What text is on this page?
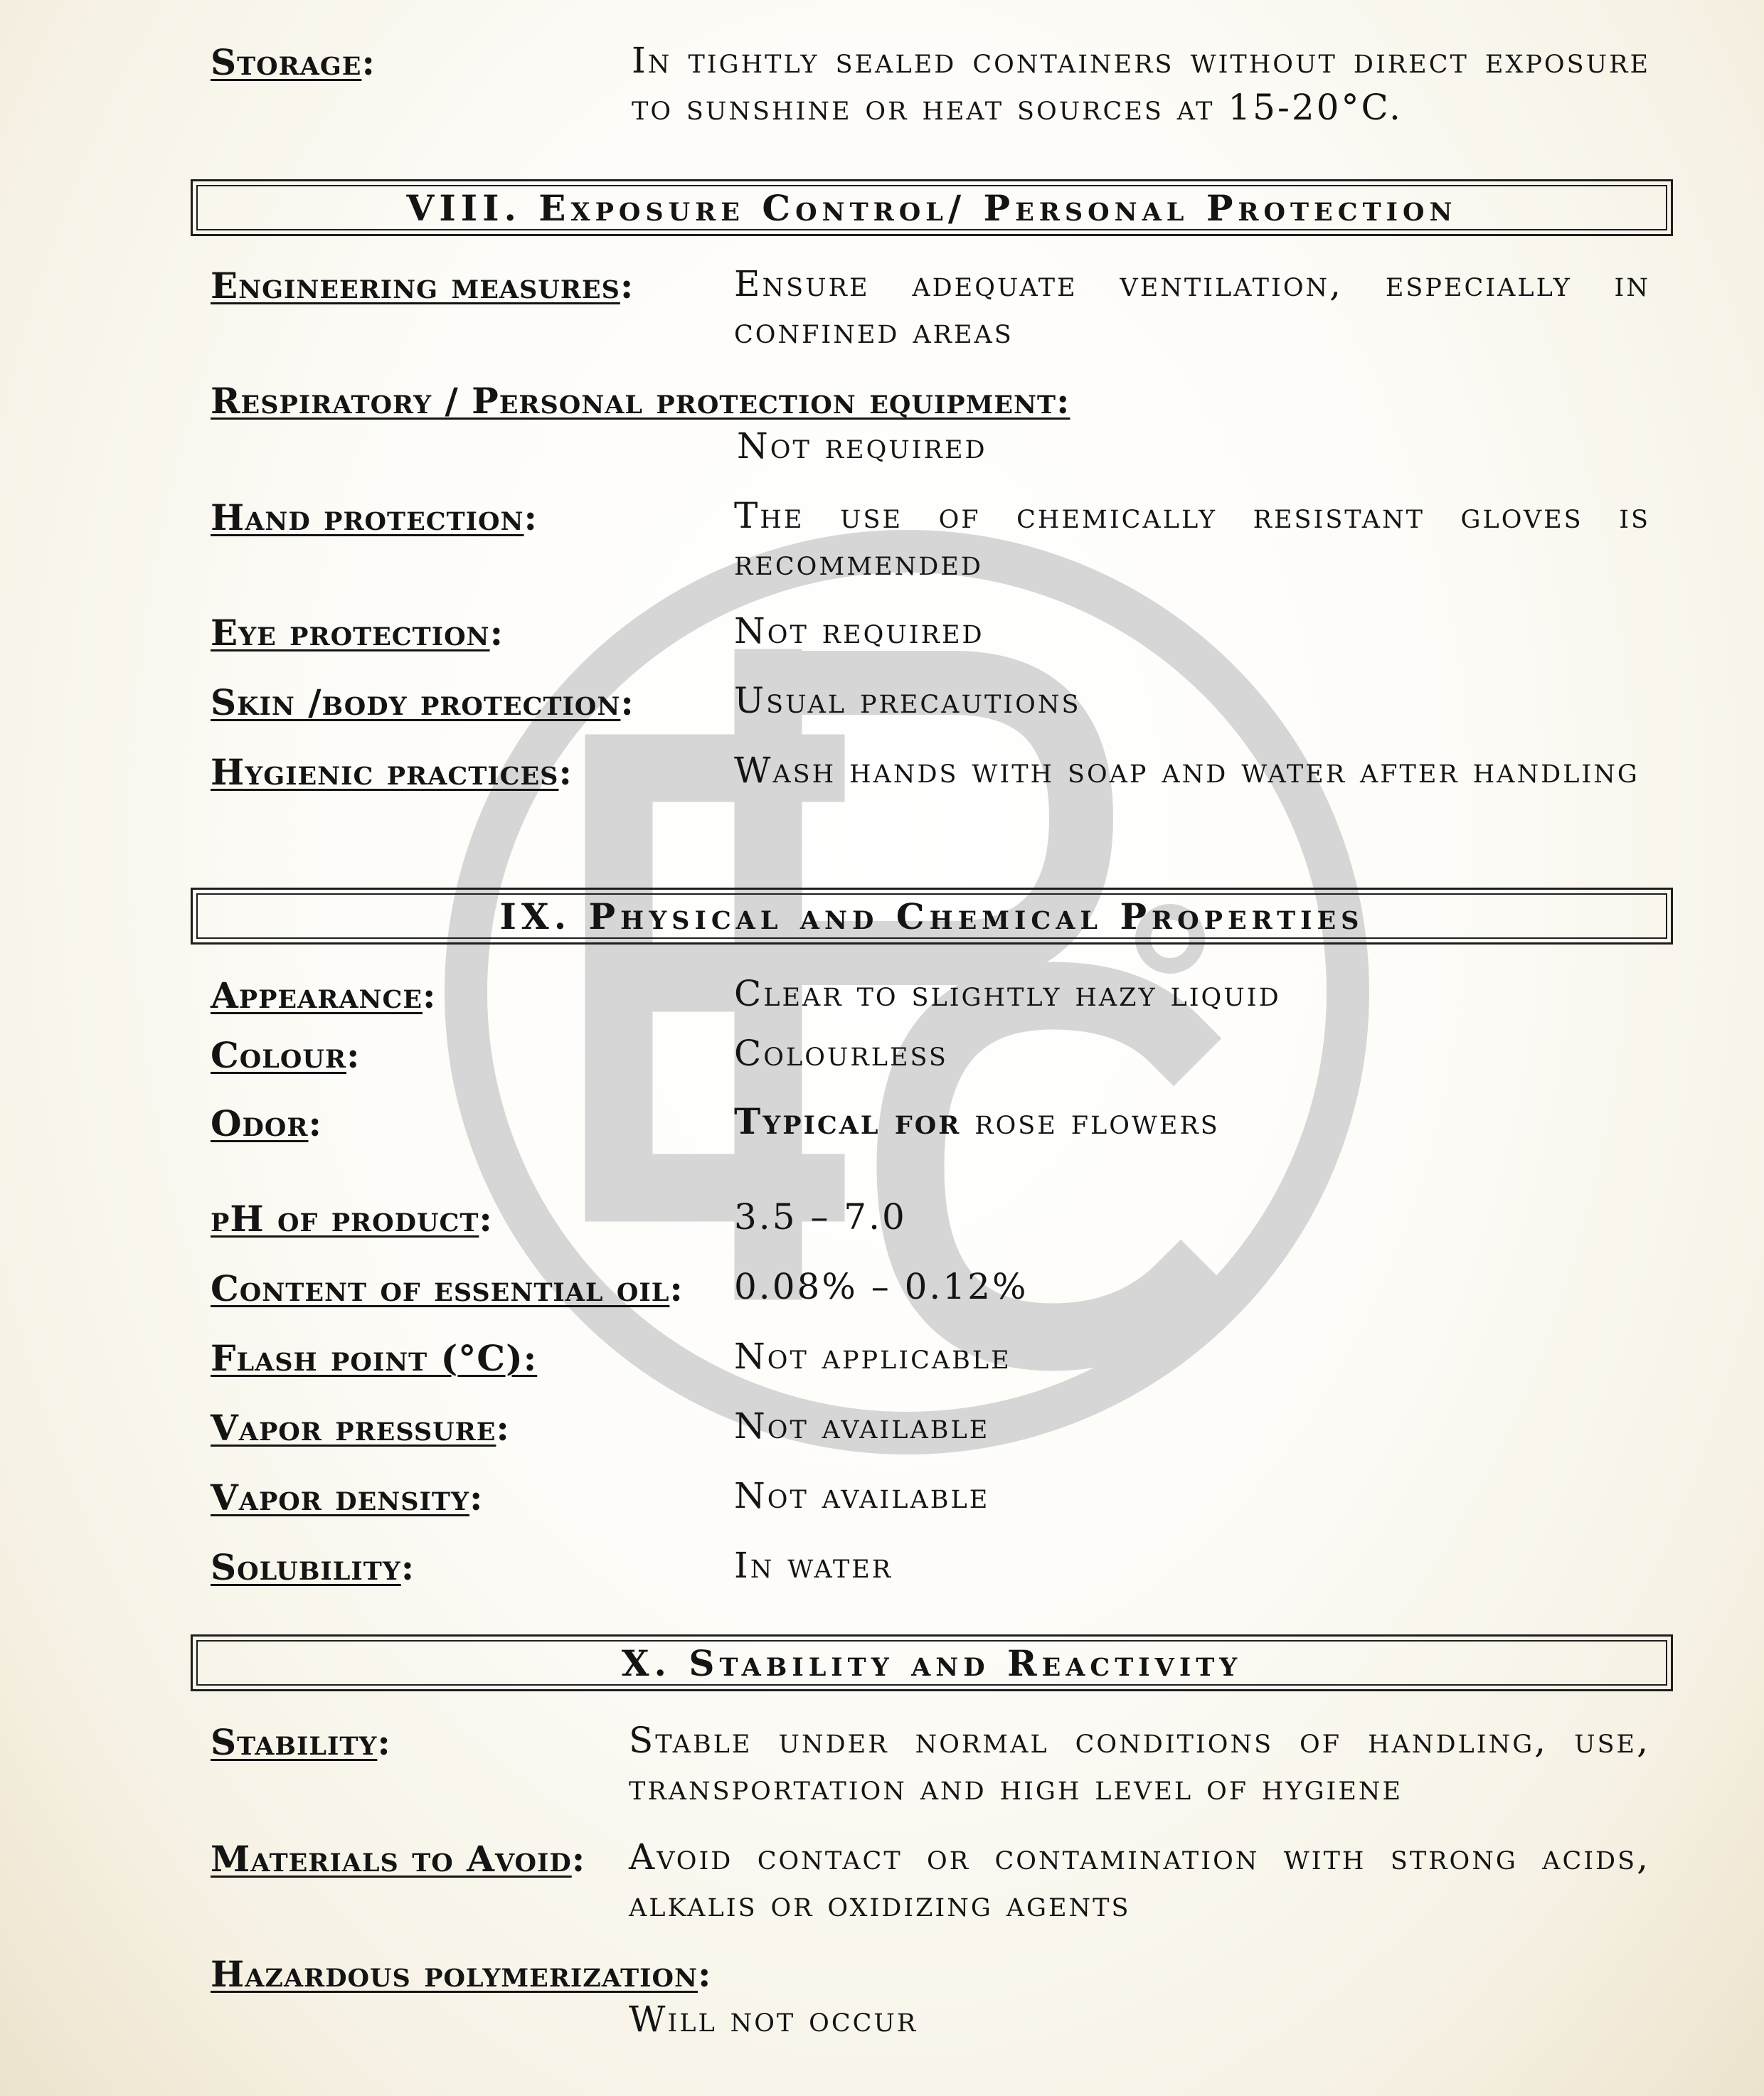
Storage:	In tightly sealed containers without direct exposure to sunshine or heat sources at 15-20°C.
VIII. Exposure Control/ Personal Protection
Engineering measures:	Ensure adequate ventilation, especially in confined areas
Respiratory / Personal protection equipment:
Not required
Hand protection:	The use of chemically resistant gloves is recommended
Eye protection:	Not required
Skin /body protection:	Usual precautions
Hygienic practices:	Wash hands with soap and water after handling
IX. Physical and Chemical Properties
Appearance:	Clear to slightly hazy liquid
Colour:	Colourless
Odor:	Typical for rose flowers
pH of product:	3.5 – 7.0
Content of essential oil: 0.08% – 0.12%
Flash point (°C):	Not applicable
Vapor pressure:	Not available
Vapor density:	Not available
Solubility:	In water
X. Stability and Reactivity
Stability:	Stable under normal conditions of handling, use, transportation and high level of hygiene
Materials to Avoid: Avoid contact or contamination with strong acids, alkalis or oxidizing agents
Hazardous polymerization:
Will not occur
